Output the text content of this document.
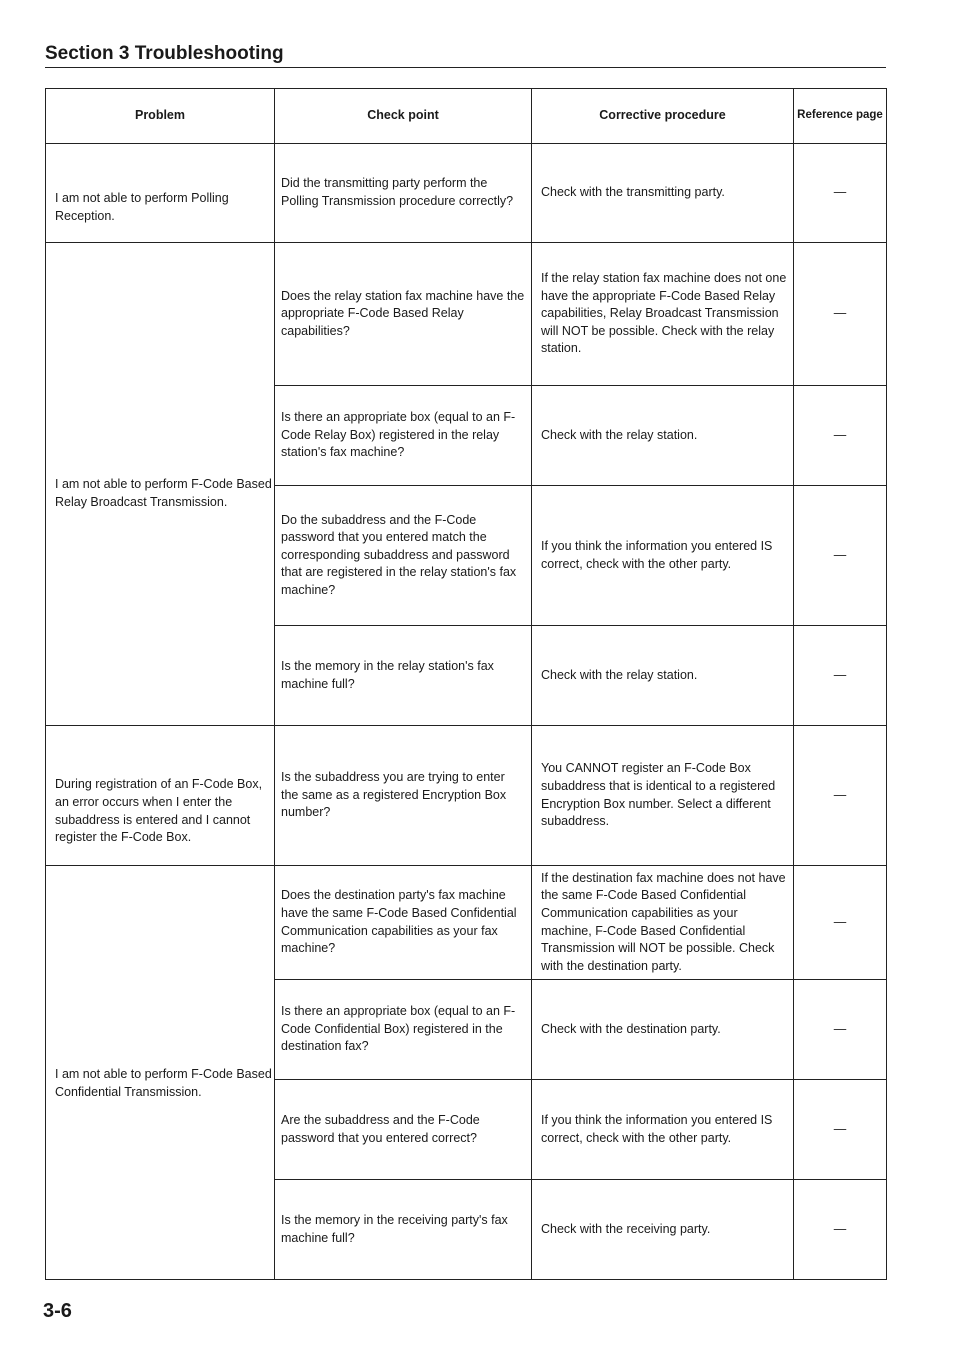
Section 3 Troubleshooting
Problem	Check point	Corrective procedure	Reference page

I am not able to perform Polling Reception.	Did the transmitting party perform the Polling Transmission procedure correctly?	Check with the transmitting party.	—

I am not able to perform F-Code Based Relay Broadcast Transmission.	Does the relay station fax machine have the appropriate F-Code Based Relay capabilities?	If the relay station fax machine does not one have the appropriate F-Code Based Relay capabilities, Relay Broadcast Transmission will NOT be possible. Check with the relay station.	—
	Is there an appropriate box (equal to an F-Code Relay Box) registered in the relay station's fax machine?	Check with the relay station.	—
	Do the subaddress and the F-Code password that you entered match the corresponding subaddress and password that are registered in the relay station's fax machine?	If you think the information you entered IS correct, check with the other party.	—
	Is the memory in the relay station's fax machine full?	Check with the relay station.	—

During registration of an F-Code Box, an error occurs when I enter the subaddress is entered and I cannot register the F-Code Box.	Is the subaddress you are trying to enter the same as a registered Encryption Box number?	You CANNOT register an F-Code Box subaddress that is identical to a registered Encryption Box number. Select a different subaddress.	—

I am not able to perform F-Code Based Confidential Transmission.	Does the destination party's fax machine have the same F-Code Based Confidential Communication capabilities as your fax machine?	If the destination fax machine does not have the same F-Code Based Confidential Communication capabilities as your machine, F-Code Based Confidential Transmission will NOT be possible. Check with the destination party.	—
	Is there an appropriate box (equal to an F-Code Confidential Box) registered in the destination fax?	Check with the destination party.	—
	Are the subaddress and the F-Code password that you entered correct?	If you think the information you entered IS correct, check with the other party.	—
	Is the memory in the receiving party's fax machine full?	Check with the receiving party.	—
3-6
